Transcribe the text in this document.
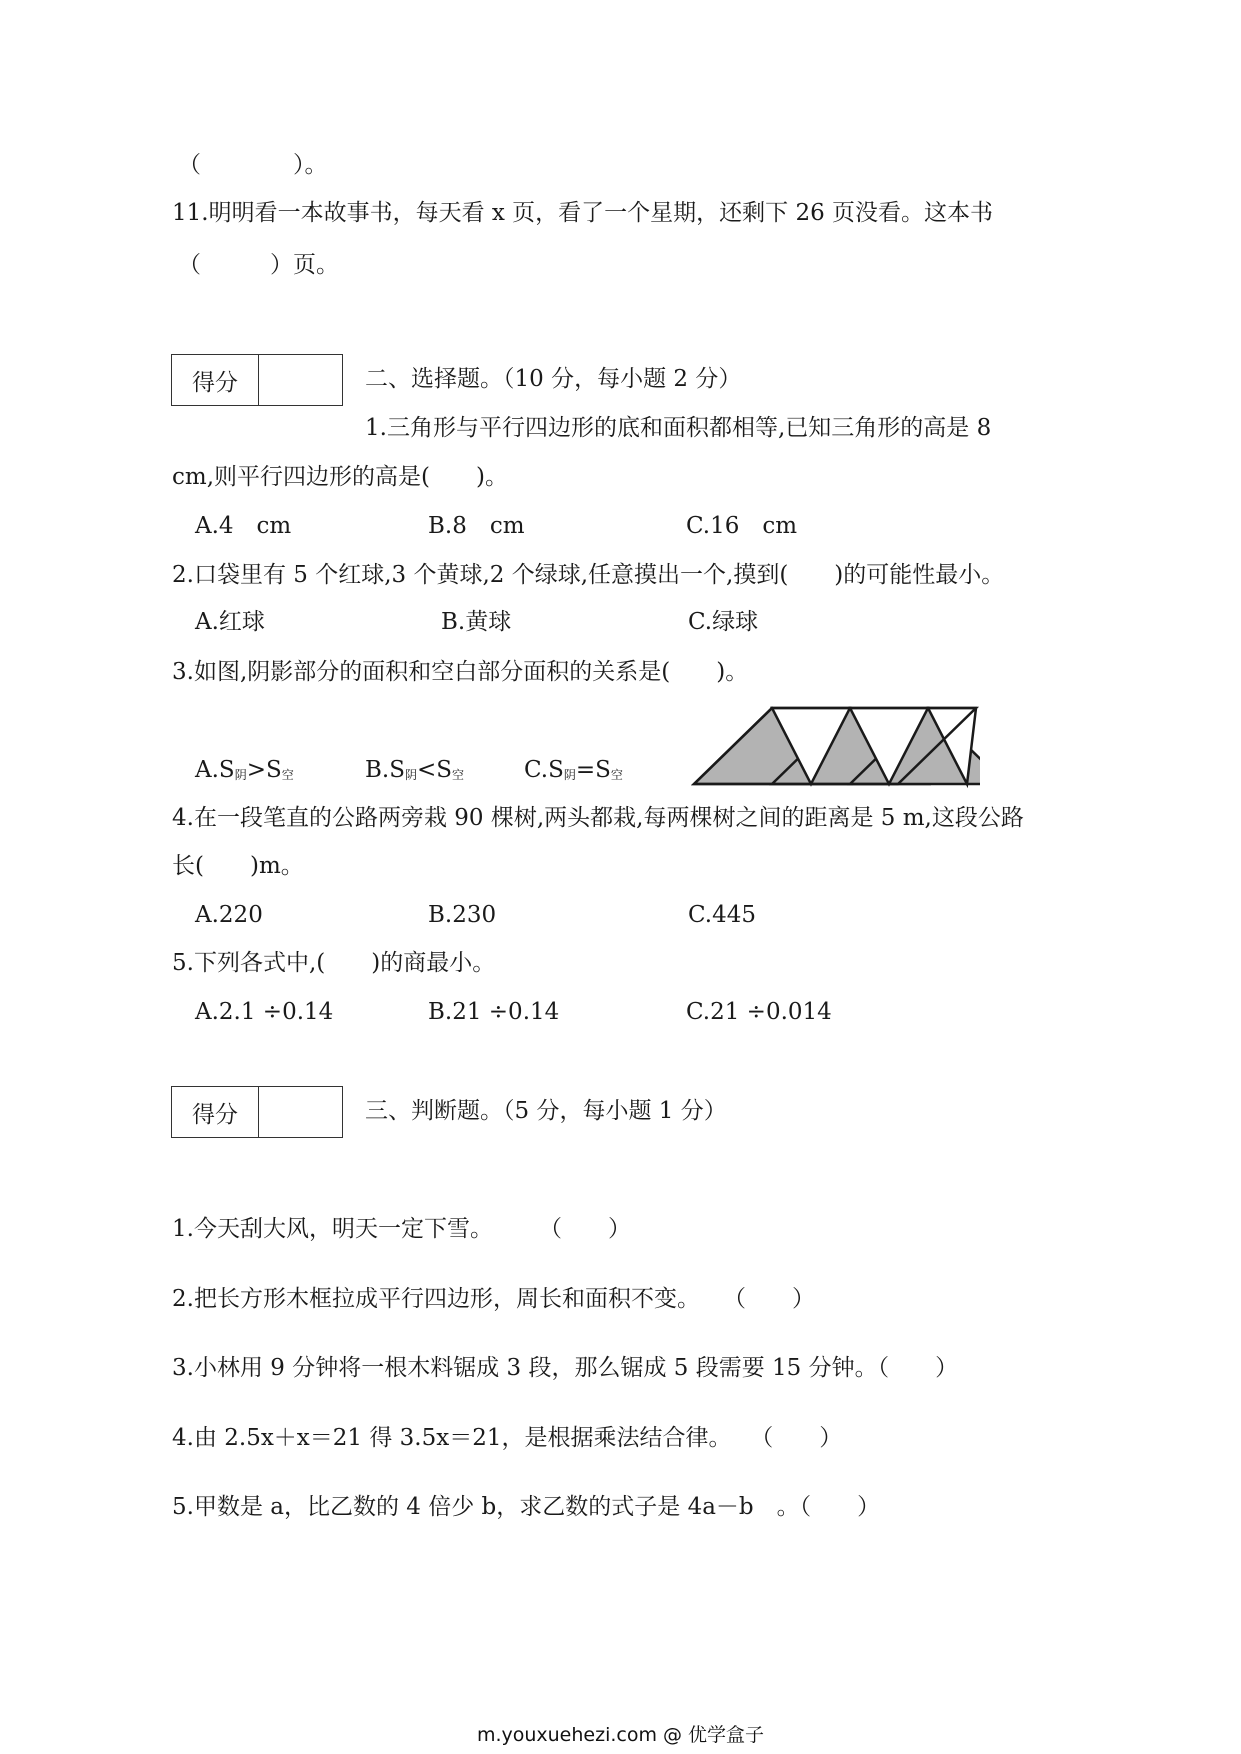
（　　　　）。
11.明明看一本故事书，每天看 x 页，看了一个星期，还剩下 26 页没看。这本书
（　　　）页。
得分	二、选择题。（10 分，每小题 2 分）
1.三角形与平行四边形的底和面积都相等,已知三角形的高是 8
cm,则平行四边形的高是(　　)。
A.4　cm	B.8　cm	C.16　cm
2.口袋里有 5 个红球,3 个黄球,2 个绿球,任意摸出一个,摸到(　　)的可能性最小。
A.红球	B.黄球	C.绿球
3.如图,阴影部分的面积和空白部分面积的关系是(　　)。
$A.S_阴>S_空$	$B.S_阴<S_空$	$C.S_阴=S_空$
4.在一段笔直的公路两旁栽 90 棵树,两头都栽,每两棵树之间的距离是 5 m,这段公路
长(　　)m。
A.220	B.230	C.445
5.下列各式中,(　　)的商最小。
A.2.1 ÷0.14	B.21 ÷0.14	C.21 ÷0.014
得分	三、判断题。（5 分，每小题 1 分）
1.今天刮大风，明天一定下雪。　　　（　　）
2.把长方形木框拉成平行四边形，周长和面积不变。　　（　　）
3.小林用 9 分钟将一根木料锯成 3 段，那么锯成 5 段需要 15 分钟。（　　）
4.由 2.5x＋x＝21 得 3.5x＝21，是根据乘法结合律。　 （　　）
5.甲数是 a，比乙数的 4 倍少 b，求乙数的式子是 4a－b　。（　　）
m.youxuehezi.com @ 优学盒子
